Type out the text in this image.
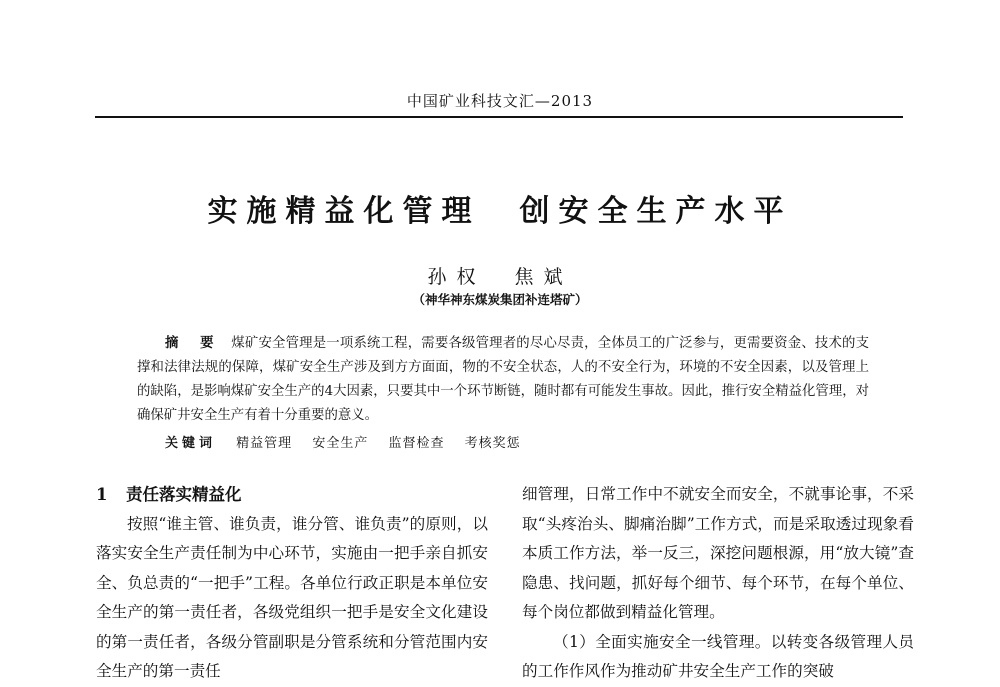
中国矿业科技文汇—2013
实施精益化管理　创安全生产水平
孙权　焦斌
（神华神东煤炭集团补连塔矿）

摘　要　 煤矿安全管理是一项系统工程，需要各级管理者的尽心尽责，全体员工的广泛参与，更需要资金、技术的支撑和法律法规的保障，煤矿安全生产涉及到方方面面，物的不安全状态，人的不安全行为，环境的不安全因素，以及管理上的缺陷，是影响煤矿安全生产的4大因素，只要其中一个环节断链，随时都有可能发生事故。因此，推行安全精益化管理，对确保矿井安全生产有着十分重要的意义。

关键词 精益管理 安全生产 监督检查 考核奖惩

1 责任落实精益化

按照“谁主管、谁负责，谁分管、谁负责”的原则，以落实安全生产责任制为中心环节，实施由一把手亲自抓安全、负总责的“一把手”工程。各单位行政正职是本单位安全生产的第一责任者，各级党组织一把手是安全文化建设的第一责任者，各级分管副职是分管系统和分管范围内安全生产的第一责任

细管理，日常工作中不就安全而安全，不就事论事，不采取“头疼治头、脚痛治脚”工作方式，而是采取透过现象看本质工作方法，举一反三，深挖问题根源，用“放大镜”查隐患、找问题，抓好每个细节、每个环节，在每个单位、每个岗位都做到精益化管理。

（1）全面实施安全一线管理。以转变各级管理人员的工作作风作为推动矿井安全生产工作的突破
